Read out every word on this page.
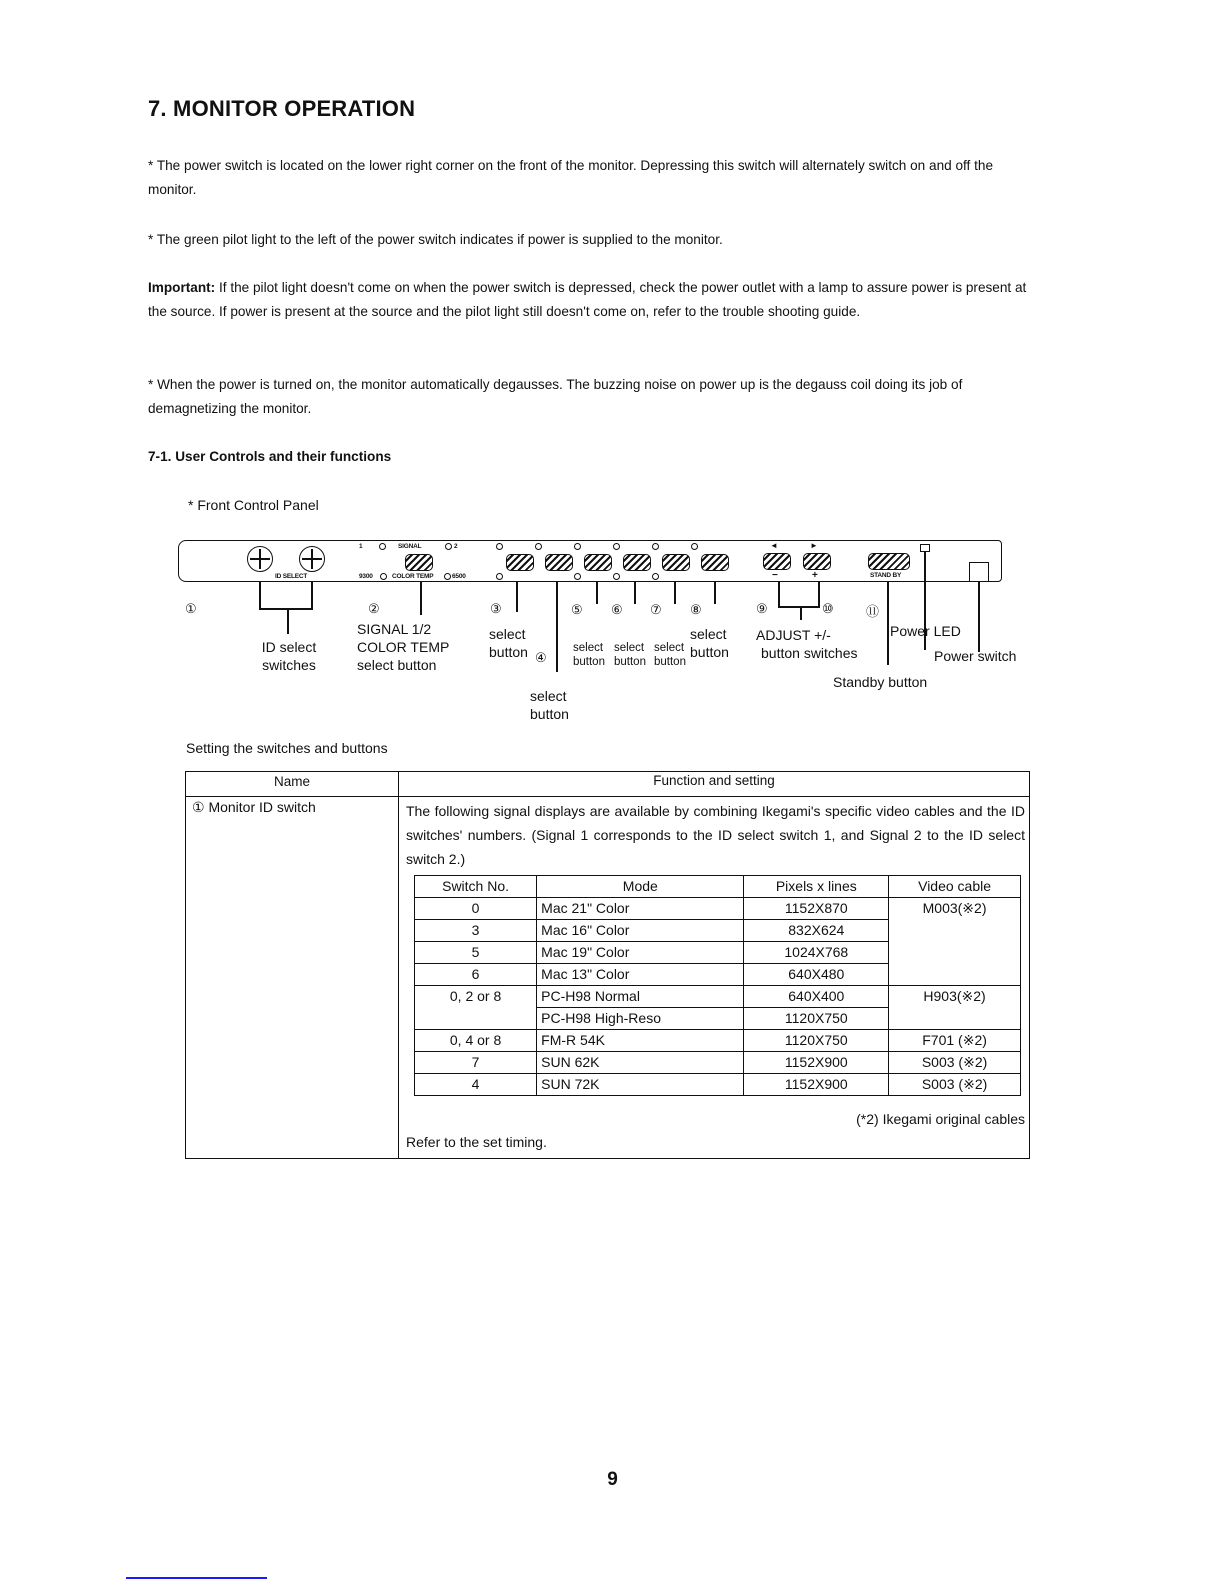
7. MONITOR OPERATION
* The power switch is located on the lower right corner on the front of the monitor. Depressing this switch will alternately switch on and off the monitor.
* The green pilot light to the left of the power switch indicates if power is supplied to the monitor.
Important: If the pilot light doesn't come on when the power switch is depressed, check the power outlet with a lamp to assure power is present at the source. If power is present at the source and the pilot light still doesn't come on, refer to the trouble shooting guide.
* When the power is turned on, the monitor automatically degausses. The buzzing noise on power up is the degauss coil doing its job of demagnetizing the monitor.
7-1. User Controls and their functions
* Front Control Panel
ID SELECT
1	SIGNAL	2
9300	COLOR TEMP	6500
◄	►
−	+	STAND BY
①
ID select
switches
②
SIGNAL 1/2
COLOR TEMP
select button
③
select
button ④
select
button
⑤
select
button
⑥
select
button
⑦
select
button
⑧
select
button
⑨	⑩
ADJUST +/-
button switches
⑪
Standby button
Power LED
Power switch
Setting the switches and buttons
Name	Function and setting
① Monitor ID switch	The following signal displays are available by combining Ikegami's specific video cables and the ID switches' numbers. (Signal 1 corresponds to the ID select switch 1, and Signal 2 to the ID select switch 2.)
Switch No.	Mode	Pixels x lines	Video cable
0	Mac 21" Color	1152X870	M003(※2)
3	Mac 16" Color	832X624
5	Mac 19" Color	1024X768
6	Mac 13" Color	640X480
0, 2 or 8	PC-H98 Normal	640X400	H903(※2)
PC-H98 High-Reso	1120X750
0, 4 or 8	FM-R 54K	1120X750	F701 (※2)
7	SUN 62K	1152X900	S003 (※2)
4	SUN 72K	1152X900	S003 (※2)
(*2) Ikegami original cables
Refer to the set timing.
9
